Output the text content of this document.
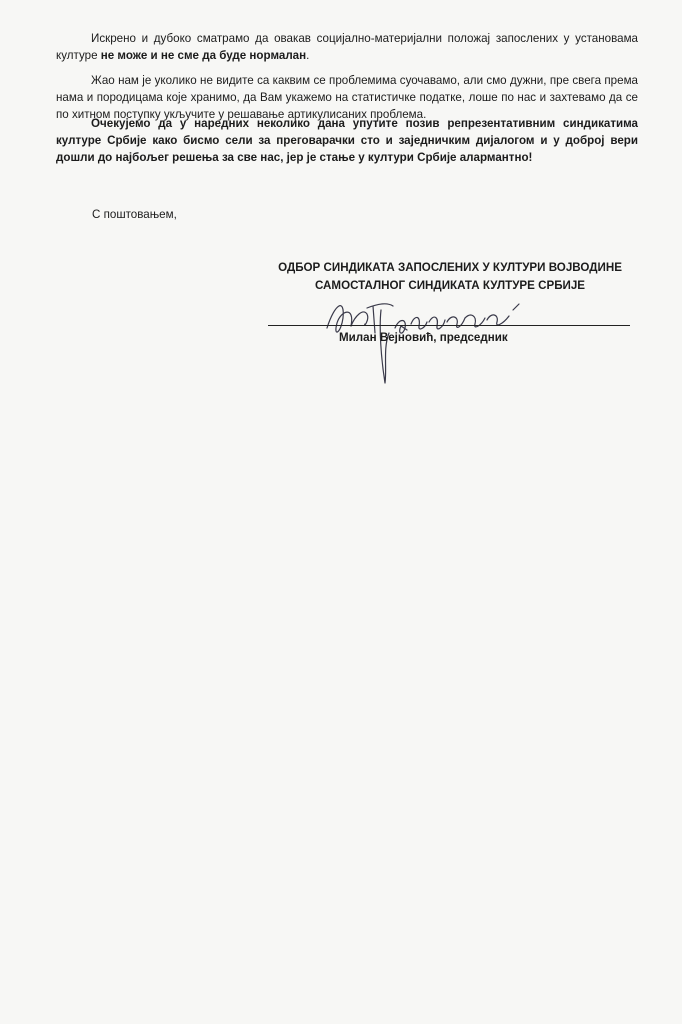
Искрено и дубоко сматрамо да овакав социјално-материјални положај запослених у установама културе не може и не сме да буде нормалан.

Жао нам је уколико не видите са каквим се проблемима суочавамо, али смо дужни, пре свега према нама и породицама које хранимо, да Вам укажемо на статистичке податке, лоше по нас и захтевамо да се по хитном поступку укључите у решавање артикулисаних проблема.

Очекујемо да у наредних неколико дана упутите позив репрезентативним синдикатима културе Србије како бисмо сели за преговарачки сто и заједничким дијалогом и у доброј вери дошли до најбољег решења за све нас, јер је стање у култури Србије алармантно!

С поштовањем,

ОДБОР СИНДИКАТА ЗАПОСЛЕНИХ У КУЛТУРИ ВОЈВОДИНЕ

САМОСТАЛНОГ СИНДИКАТА КУЛТУРЕ СРБИЈЕ

Милан Вејновић, председник
